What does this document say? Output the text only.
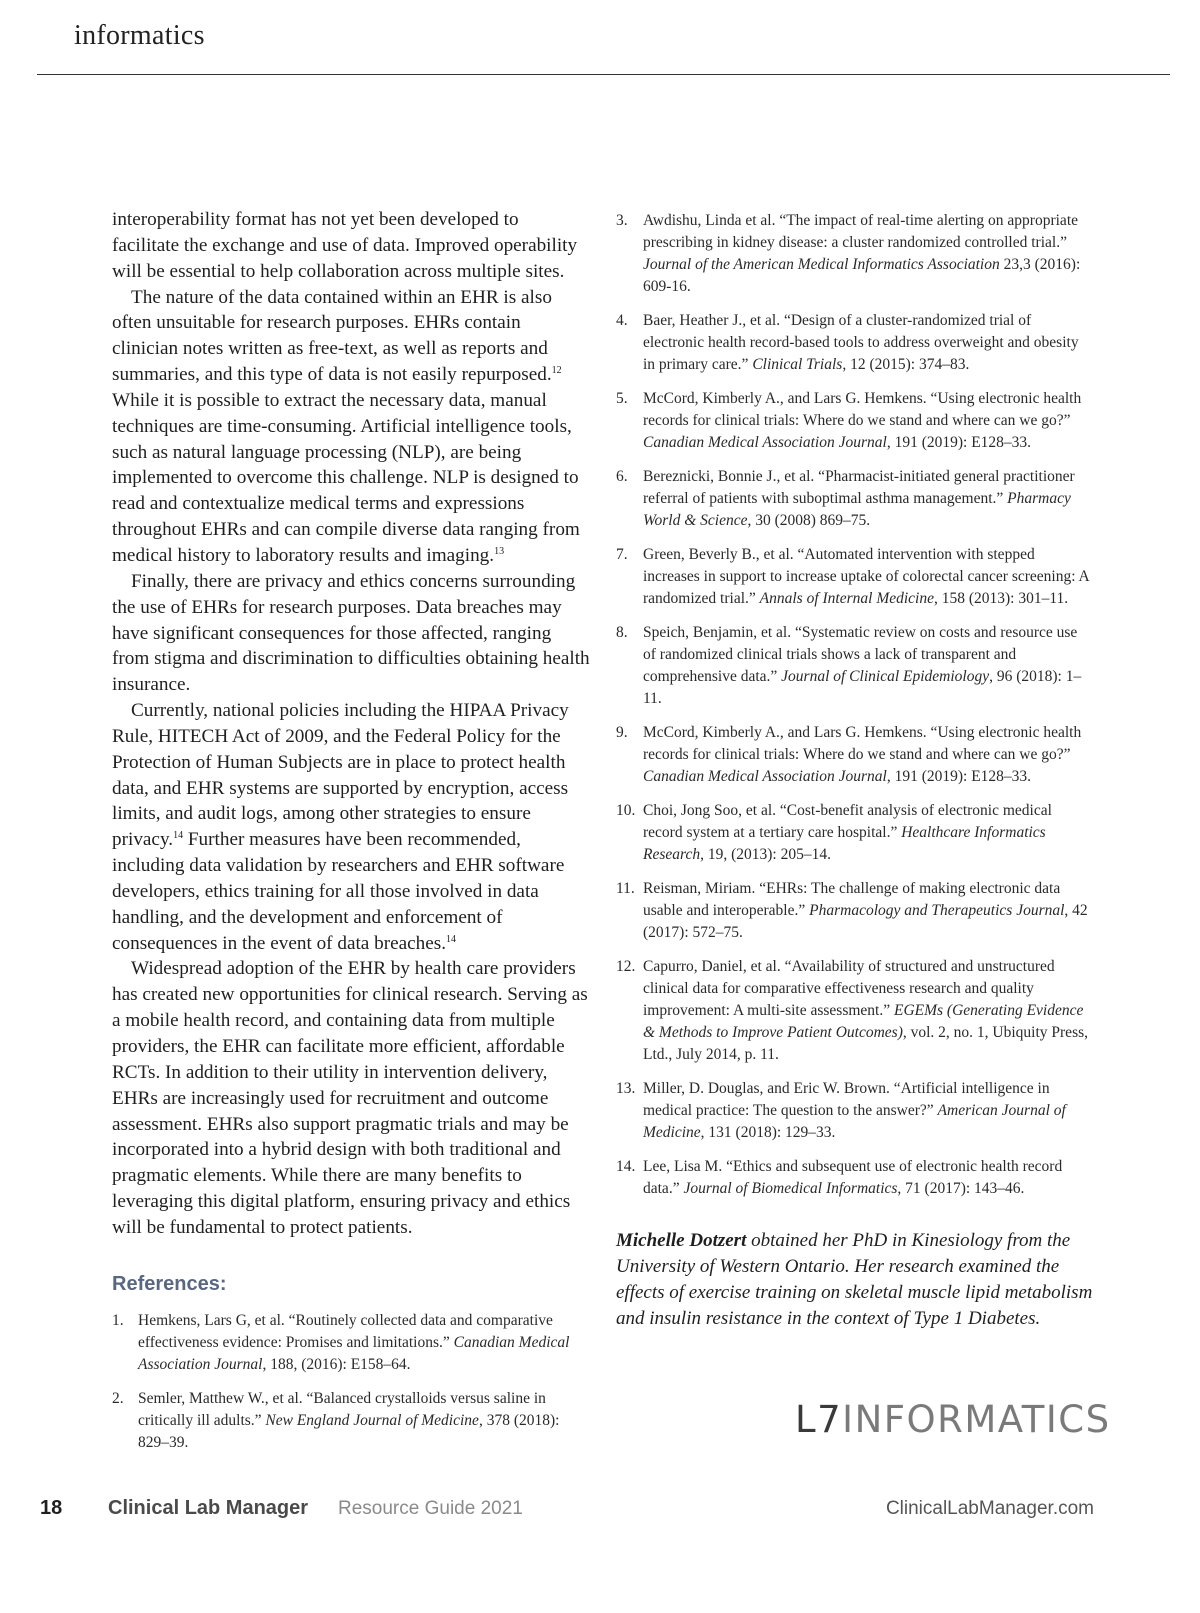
informatics

interoperability format has not yet been developed to facilitate the exchange and use of data. Improved operability will be essential to help collaboration across multiple sites.

The nature of the data contained within an EHR is also often unsuitable for research purposes. EHRs contain clinician notes written as free-text, as well as reports and summaries, and this type of data is not easily repurposed.$^{12}$ While it is possible to extract the necessary data, manual techniques are time-consuming. Artificial intelligence tools, such as natural language processing (NLP), are being implemented to overcome this challenge. NLP is designed to read and contextualize medical terms and expressions throughout EHRs and can compile diverse data ranging from medical history to laboratory results and imaging.$^{13}$

Finally, there are privacy and ethics concerns surrounding the use of EHRs for research purposes. Data breaches may have significant consequences for those affected, ranging from stigma and discrimination to difficulties obtaining health insurance.

Currently, national policies including the HIPAA Privacy Rule, HITECH Act of 2009, and the Federal Policy for the Protection of Human Subjects are in place to protect health data, and EHR systems are supported by encryption, access limits, and audit logs, among other strategies to ensure privacy.$^{14}$ Further measures have been recommended, including data validation by researchers and EHR software developers, ethics training for all those involved in data handling, and the development and enforcement of consequences in the event of data breaches.$^{14}$

Widespread adoption of the EHR by health care providers has created new opportunities for clinical research. Serving as a mobile health record, and containing data from multiple providers, the EHR can facilitate more efficient, affordable RCTs. In addition to their utility in intervention delivery, EHRs are increasingly used for recruitment and outcome assessment. EHRs also support pragmatic trials and may be incorporated into a hybrid design with both traditional and pragmatic elements. While there are many benefits to leveraging this digital platform, ensuring privacy and ethics will be fundamental to protect patients.

References:
1. Hemkens, Lars G, et al. “Routinely collected data and comparative effectiveness evidence: Promises and limitations.” Canadian Medical Association Journal, 188, (2016): E158–64.
2. Semler, Matthew W., et al. “Balanced crystalloids versus saline in critically ill adults.” New England Journal of Medicine, 378 (2018): 829–39.
3. Awdishu, Linda et al. “The impact of real-time alerting on appropriate prescribing in kidney disease: a cluster randomized controlled trial.” Journal of the American Medical Informatics Association 23,3 (2016): 609-16.
4. Baer, Heather J., et al. “Design of a cluster-randomized trial of electronic health record-based tools to address overweight and obesity in primary care.” Clinical Trials, 12 (2015): 374–83.
5. McCord, Kimberly A., and Lars G. Hemkens. “Using electronic health records for clinical trials: Where do we stand and where can we go?” Canadian Medical Association Journal, 191 (2019): E128–33.
6. Bereznicki, Bonnie J., et al. “Pharmacist-initiated general practitioner referral of patients with suboptimal asthma management.” Pharmacy World & Science, 30 (2008) 869–75.
7. Green, Beverly B., et al. “Automated intervention with stepped increases in support to increase uptake of colorectal cancer screening: A randomized trial.” Annals of Internal Medicine, 158 (2013): 301–11.
8. Speich, Benjamin, et al. “Systematic review on costs and resource use of randomized clinical trials shows a lack of transparent and comprehensive data.” Journal of Clinical Epidemiology, 96 (2018): 1–11.
9. McCord, Kimberly A., and Lars G. Hemkens. “Using electronic health records for clinical trials: Where do we stand and where can we go?” Canadian Medical Association Journal, 191 (2019): E128–33.
10. Choi, Jong Soo, et al. “Cost-benefit analysis of electronic medical record system at a tertiary care hospital.” Healthcare Informatics Research, 19, (2013): 205–14.
11. Reisman, Miriam. “EHRs: The challenge of making electronic data usable and interoperable.” Pharmacology and Therapeutics Journal, 42 (2017): 572–75.
12. Capurro, Daniel, et al. “Availability of structured and unstructured clinical data for comparative effectiveness research and quality improvement: A multi-site assessment.” EGEMs (Generating Evidence & Methods to Improve Patient Outcomes), vol. 2, no. 1, Ubiquity Press, Ltd., July 2014, p. 11.
13. Miller, D. Douglas, and Eric W. Brown. “Artificial intelligence in medical practice: The question to the answer?” American Journal of Medicine, 131 (2018): 129–33.
14. Lee, Lisa M. “Ethics and subsequent use of electronic health record data.” Journal of Biomedical Informatics, 71 (2017): 143–46.
Michelle Dotzert obtained her PhD in Kinesiology from the University of Western Ontario. Her research examined the effects of exercise training on skeletal muscle lipid metabolism and insulin resistance in the context of Type 1 Diabetes.
L7INFORMATICS
18 Clinical Lab Manager Resource Guide 2021	ClinicalLabManager.com
